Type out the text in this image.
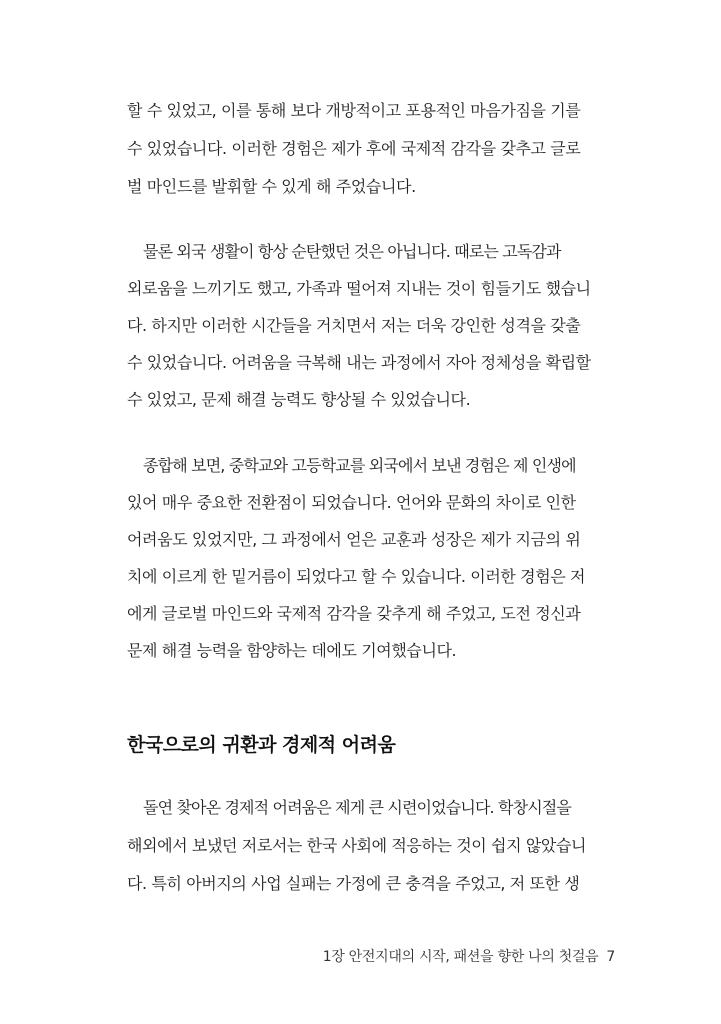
할 수 있었고, 이를 통해 보다 개방적이고 포용적인 마음가짐을 기를
수 있었습니다. 이러한 경험은 제가 후에 국제적 감각을 갖추고 글로
벌 마인드를 발휘할 수 있게 해 주었습니다.
물론 외국 생활이 항상 순탄했던 것은 아닙니다. 때로는 고독감과
외로움을 느끼기도 했고, 가족과 떨어져 지내는 것이 힘들기도 했습니
다. 하지만 이러한 시간들을 거치면서 저는 더욱 강인한 성격을 갖출
수 있었습니다. 어려움을 극복해 내는 과정에서 자아 정체성을 확립할
수 있었고, 문제 해결 능력도 향상될 수 있었습니다.
종합해 보면, 중학교와 고등학교를 외국에서 보낸 경험은 제 인생에
있어 매우 중요한 전환점이 되었습니다. 언어와 문화의 차이로 인한
어려움도 있었지만, 그 과정에서 얻은 교훈과 성장은 제가 지금의 위
치에 이르게 한 밑거름이 되었다고 할 수 있습니다. 이러한 경험은 저
에게 글로벌 마인드와 국제적 감각을 갖추게 해 주었고, 도전 정신과
문제 해결 능력을 함양하는 데에도 기여했습니다.
한국으로의 귀환과 경제적 어려움
돌연 찾아온 경제적 어려움은 제게 큰 시련이었습니다. 학창시절을
해외에서 보냈던 저로서는 한국 사회에 적응하는 것이 쉽지 않았습니
다. 특히 아버지의 사업 실패는 가정에 큰 충격을 주었고, 저 또한 생
1장 안전지대의 시작, 패션을 향한 나의 첫걸음 7
